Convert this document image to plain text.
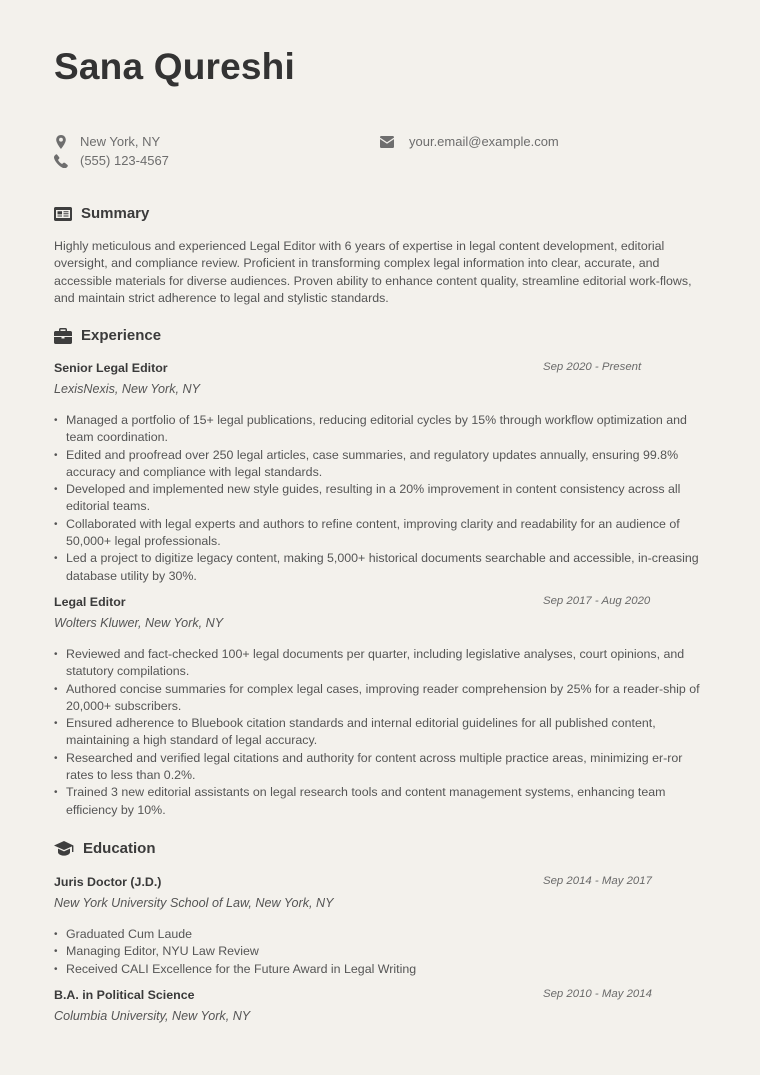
Sana Qureshi
New York, NY
(555) 123-4567
your.email@example.com
Summary

Highly meticulous and experienced Legal Editor with 6 years of expertise in legal content development, editorial oversight, and compliance review. Proficient in transforming complex legal information into clear, accurate, and accessible materials for diverse audiences. Proven ability to enhance content quality, streamline editorial work-flows, and maintain strict adherence to legal and stylistic standards.

Experience
Senior Legal Editor	Sep 2020 - Present
LexisNexis, New York, NY
• Managed a portfolio of 15+ legal publications, reducing editorial cycles by 15% through workflow optimization and team coordination.
• Edited and proofread over 250 legal articles, case summaries, and regulatory updates annually, ensuring 99.8% accuracy and compliance with legal standards.
• Developed and implemented new style guides, resulting in a 20% improvement in content consistency across all editorial teams.
• Collaborated with legal experts and authors to refine content, improving clarity and readability for an audience of 50,000+ legal professionals.
• Led a project to digitize legacy content, making 5,000+ historical documents searchable and accessible, in-creasing database utility by 30%.
Legal Editor	Sep 2017 - Aug 2020
Wolters Kluwer, New York, NY
• Reviewed and fact-checked 100+ legal documents per quarter, including legislative analyses, court opinions, and statutory compilations.
• Authored concise summaries for complex legal cases, improving reader comprehension by 25% for a reader-ship of 20,000+ subscribers.
• Ensured adherence to Bluebook citation standards and internal editorial guidelines for all published content, maintaining a high standard of legal accuracy.
• Researched and verified legal citations and authority for content across multiple practice areas, minimizing er-ror rates to less than 0.2%.
• Trained 3 new editorial assistants on legal research tools and content management systems, enhancing team efficiency by 10%.
Education
Juris Doctor (J.D.)	Sep 2014 - May 2017
New York University School of Law, New York, NY
• Graduated Cum Laude
• Managing Editor, NYU Law Review
• Received CALI Excellence for the Future Award in Legal Writing
B.A. in Political Science	Sep 2010 - May 2014
Columbia University, New York, NY
